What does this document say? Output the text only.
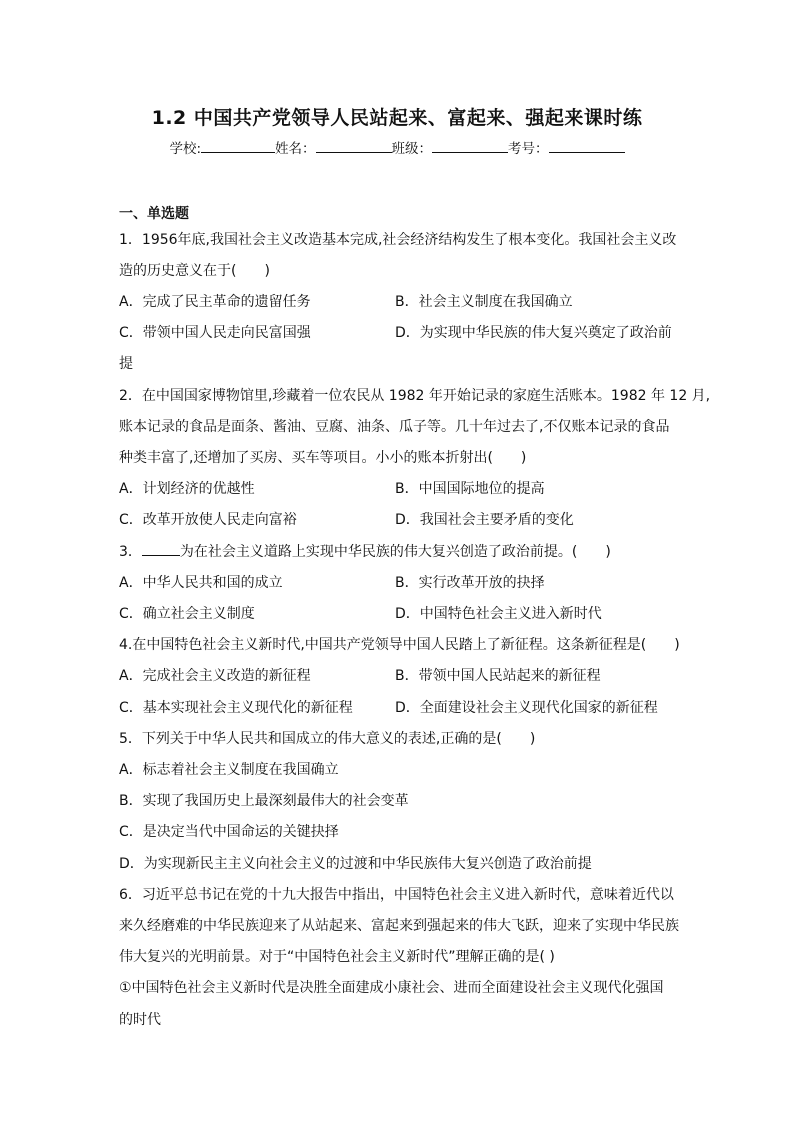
1.2 中国共产党领导人民站起来、富起来、强起来课时练
学校:	姓名：	班级：	考号：
一、单选题
1．1956年底,我国社会主义改造基本完成,社会经济结构发生了根本变化。我国社会主义改
造的历史意义在于(　　)
A．完成了民主革命的遗留任务	B．社会主义制度在我国确立
C．带领中国人民走向民富国强	D．为实现中华民族的伟大复兴奠定了政治前
提
2．在中国国家博物馆里,珍藏着一位农民从 1982 年开始记录的家庭生活账本。1982 年 12 月,
账本记录的食品是面条、酱油、豆腐、油条、瓜子等。几十年过去了,不仅账本记录的食品
种类丰富了,还增加了买房、买车等项目。小小的账本折射出(　　)
A．计划经济的优越性	B．中国国际地位的提高
C．改革开放使人民走向富裕	D．我国社会主要矛盾的变化
3．	为在社会主义道路上实现中华民族的伟大复兴创造了政治前提。(　　)
A．中华人民共和国的成立	B．实行改革开放的抉择
C．确立社会主义制度	D．中国特色社会主义进入新时代
4.在中国特色社会主义新时代,中国共产党领导中国人民踏上了新征程。这条新征程是(　　)
A．完成社会主义改造的新征程	B．带领中国人民站起来的新征程
C．基本实现社会主义现代化的新征程	D．全面建设社会主义现代化国家的新征程
5．下列关于中华人民共和国成立的伟大意义的表述,正确的是(　　)
A．标志着社会主义制度在我国确立
B．实现了我国历史上最深刻最伟大的社会变革
C．是决定当代中国命运的关键抉择
D．为实现新民主主义向社会主义的过渡和中华民族伟大复兴创造了政治前提
6．习近平总书记在党的十九大报告中指出，中国特色社会主义进入新时代，意味着近代以
来久经磨难的中华民族迎来了从站起来、富起来到强起来的伟大飞跃，迎来了实现中华民族
伟大复兴的光明前景。对于“中国特色社会主义新时代”理解正确的是( )
①中国特色社会主义新时代是决胜全面建成小康社会、进而全面建设社会主义现代化强国
的时代
